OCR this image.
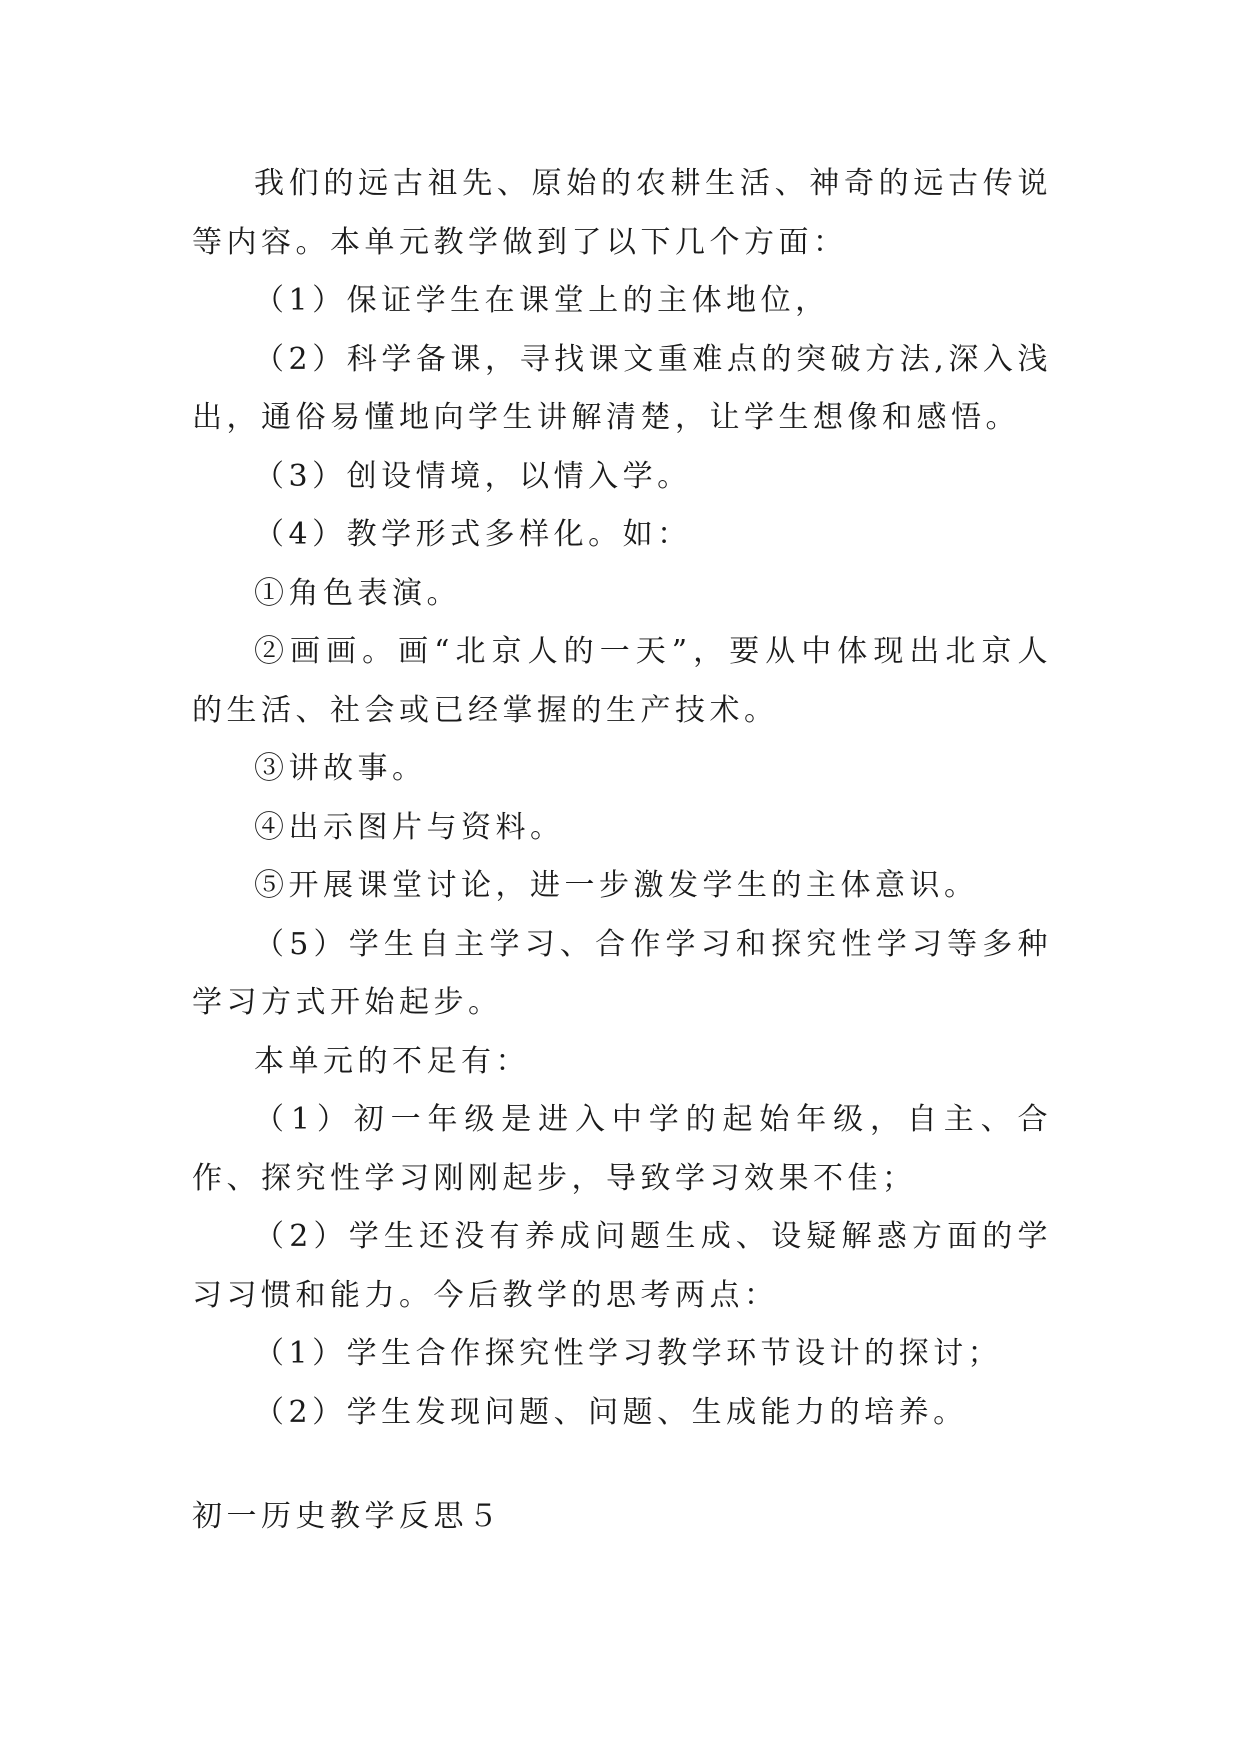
我们的远古祖先、原始的农耕生活、神奇的远古传说等内容。本单元教学做到了以下几个方面：

（1）保证学生在课堂上的主体地位，

（2）科学备课，寻找课文重难点的突破方法,深入浅出，通俗易懂地向学生讲解清楚，让学生想像和感悟。

（3）创设情境，以情入学。

（4）教学形式多样化。如：

①角色表演。

②画画。画“北京人的一天”，要从中体现出北京人的生活、社会或已经掌握的生产技术。

③讲故事。

④出示图片与资料。

⑤开展课堂讨论，进一步激发学生的主体意识。

（5）学生自主学习、合作学习和探究性学习等多种学习方式开始起步。

本单元的不足有：

（1）初一年级是进入中学的起始年级，自主、合作、探究性学习刚刚起步，导致学习效果不佳；

（2）学生还没有养成问题生成、设疑解惑方面的学习习惯和能力。今后教学的思考两点：

（1）学生合作探究性学习教学环节设计的探讨；

（2）学生发现问题、问题、生成能力的培养。

初一历史教学反思５
